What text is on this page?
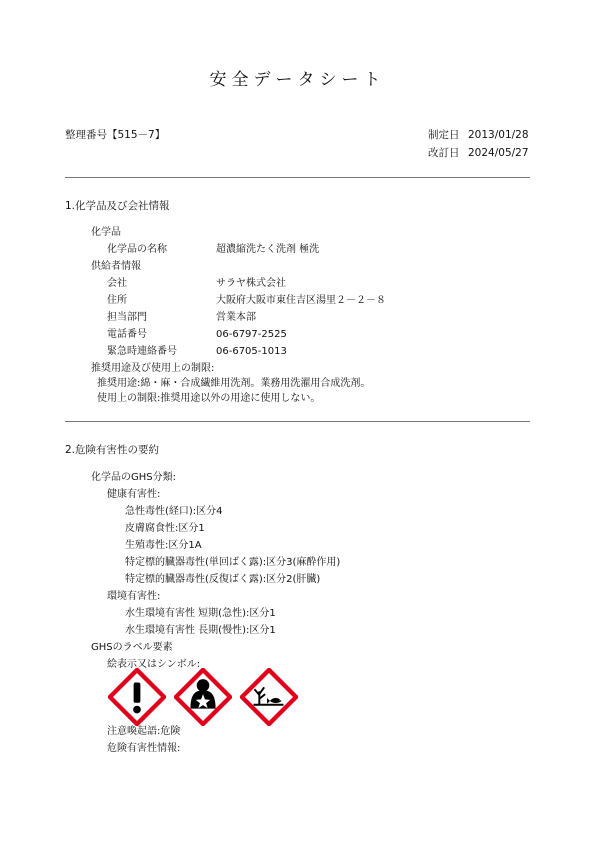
安全データシート
整理番号【515－7】	制定日 2013/01/28
改訂日 2024/05/27
1.化学品及び会社情報
化学品
化学品の名称	超濃縮洗たく洗剤 極洗
供給者情報
会社	サラヤ株式会社
住所	大阪府大阪市東住吉区湯里２－２－８
担当部門	営業本部
電話番号	06-6797-2525
緊急時連絡番号	06-6705-1013
推奨用途及び使用上の制限:
推奨用途:綿・麻・合成繊維用洗剤。業務用洗濯用合成洗剤。
使用上の制限:推奨用途以外の用途に使用しない。
2.危険有害性の要約
化学品のGHS分類:
健康有害性:
急性毒性(経口):区分4
皮膚腐食性:区分1
生殖毒性:区分1A
特定標的臓器毒性(単回ばく露):区分3(麻酔作用)
特定標的臓器毒性(反復ばく露):区分2(肝臓)
環境有害性:
水生環境有害性 短期(急性):区分1
水生環境有害性 長期(慢性):区分1
GHSのラベル要素
絵表示又はシンボル:
注意喚起語:危険
危険有害性情報:
